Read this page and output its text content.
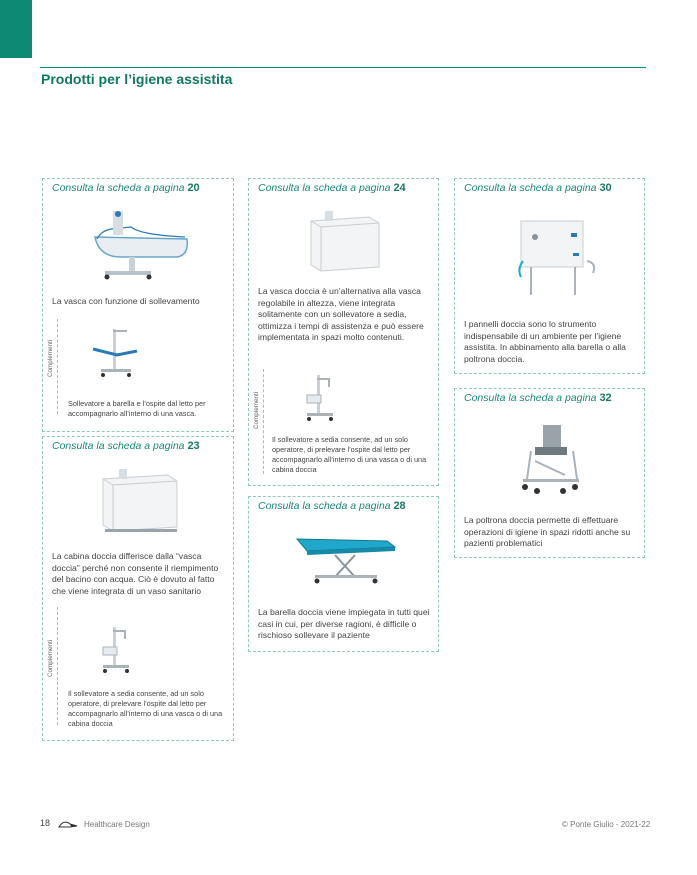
Prodotti per l’igiene assistita
Consulta la scheda a pagina 20
La vasca con funzione di sollevamento
Complementi
Sollevatore a barella e l’ospite dal letto per accompagnarlo all’interno di una vasca.
Consulta la scheda a pagina 23
La cabina doccia differisce dalla “vasca doccia” perché non consente il riempimento del bacino con acqua. Ciò è dovuto al fatto che viene integrata di un vaso sanitario
Complementi
Il sollevatore a sedia consente, ad un solo operatore, di prelevare l’ospite dal letto per accompagnarlo all’interno di una vasca o di una cabina doccia
Consulta la scheda a pagina 24
La vasca doccia è un’alternativa alla vasca regolabile in altezza, viene integrata solitamente con un sollevatore a sedia, ottimizza i tempi di assistenza e può essere implementata in spazi molto contenuti.
Complementi
Il sollevatore a sedia consente, ad un solo operatore, di prelevare l’ospite dal letto per accompagnarlo all’interno di una vasca o di una cabina doccia
Consulta la scheda a pagina 28
La barella doccia viene impiegata in tutti quei casi in cui, per diverse ragioni, è difficile o rischioso sollevare il paziente
Consulta la scheda a pagina 30
I pannelli doccia sono lo strumento indispensabile di un ambiente per l’igiene assistita. In abbinamento alla barella o alla poltrona doccia.
Consulta la scheda a pagina 32
La poltrona doccia permette di effettuare operazioni di igiene in spazi ridotti anche su pazienti problematici
18	Healthcare Design	© Ponte Giulio - 2021-22
